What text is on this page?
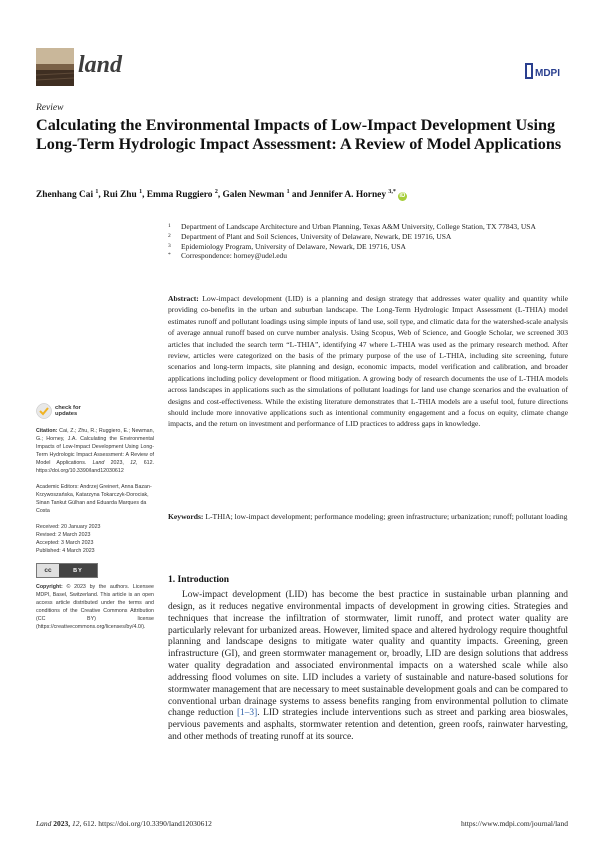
land	MDPI
Review
Calculating the Environmental Impacts of Low-Impact Development Using Long-Term Hydrologic Impact Assessment: A Review of Model Applications
Zhenhang Cai $^1$, Rui Zhu $^1$, Emma Ruggiero $^2$, Galen Newman $^1$ and Jennifer A. Horney $^{3,*}$iD
1	Department of Landscape Architecture and Urban Planning, Texas A&M University, College Station, TX 77843, USA
2	Department of Plant and Soil Sciences, University of Delaware, Newark, DE 19716, USA
3	Epidemiology Program, University of Delaware, Newark, DE 19716, USA
*	Correspondence: horney@udel.edu
Abstract: Low-impact development (LID) is a planning and design strategy that addresses water quality and quantity while providing co-benefits in the urban and suburban landscape. The Long-Term Hydrologic Impact Assessment (L-THIA) model estimates runoff and pollutant loadings using simple inputs of land use, soil type, and climatic data for the watershed-scale analysis of average annual runoff based on curve number analysis. Using Scopus, Web of Science, and Google Scholar, we screened 303 articles that included the search term “L-THIA”, identifying 47 where L-THIA was used as the primary research method. After review, articles were categorized on the basis of the primary purpose of the use of L-THIA, including site screening, future scenarios and long-term impacts, site planning and design, economic impacts, model verification and calibration, and broader applications including policy development or flood mitigation. A growing body of research documents the use of L-THIA models across landscapes in applications such as the simulations of pollutant loadings for land use change scenarios and the evaluation of designs and cost-effectiveness. While the existing literature demonstrates that L-THIA models are a useful tool, future directions should include more innovative applications such as intentional community engagement and a focus on equity, climate change impacts, and the return on investment and performance of LID practices to address gaps in knowledge.
Keywords: L-THIA; low-impact development; performance modeling; green infrastructure; urbanization; runoff; pollutant loading
check for
updates
Citation: Cai, Z.; Zhu, R.; Ruggiero, E.; Newman, G.; Horney, J.A. Calculating the Environmental Impacts of Low-Impact Development Using Long-Term Hydrologic Impact Assessment: A Review of Model Applications. Land 2023, 12, 612. https://doi.org/10.3390/land12030612
Academic Editors: Andrzej Greinert, Anna Bazan-Krzywoszańska, Katarzyna Tokarczyk-Dorociak, Sinan Tankut Gülhan and Eduarda Marques da Costa
Received: 20 January 2023
Revised: 2 March 2023
Accepted: 3 March 2023
Published: 4 March 2023
cc	BY
Copyright: © 2023 by the authors. Licensee MDPI, Basel, Switzerland. This article is an open access article distributed under the terms and conditions of the Creative Commons Attribution (CC BY) license (https://creativecommons.org/licenses/by/4.0/).
1. Introduction
Low-impact development (LID) has become the best practice in sustainable urban planning and design, as it reduces negative environmental impacts of development in growing cities. Strategies and techniques that increase the infiltration of stormwater, limit runoff, and protect water quality are particularly relevant for urbanized areas. However, limited space and altered hydrology require thoughtful planning and landscape designs to mitigate water quality and quantity impacts. Greening, green infrastructure (GI), and green stormwater management or, broadly, LID are design solutions that address water quality degradation and associated environmental impacts on a watershed scale while also addressing flood volumes on site. LID includes a variety of sustainable and nature-based solutions for stormwater management that are necessary to meet sustainable development goals and can be compared to conventional urban drainage systems to assess benefits ranging from environmental pollution to climate change reduction [1–3]. LID strategies include interventions such as street and parking area bioswales, pervious pavements and asphalts, stormwater retention and detention, green roofs, rainwater harvesting, and other methods of treating runoff at its source.
Land 2023, 12, 612. https://doi.org/10.3390/land12030612	https://www.mdpi.com/journal/land
